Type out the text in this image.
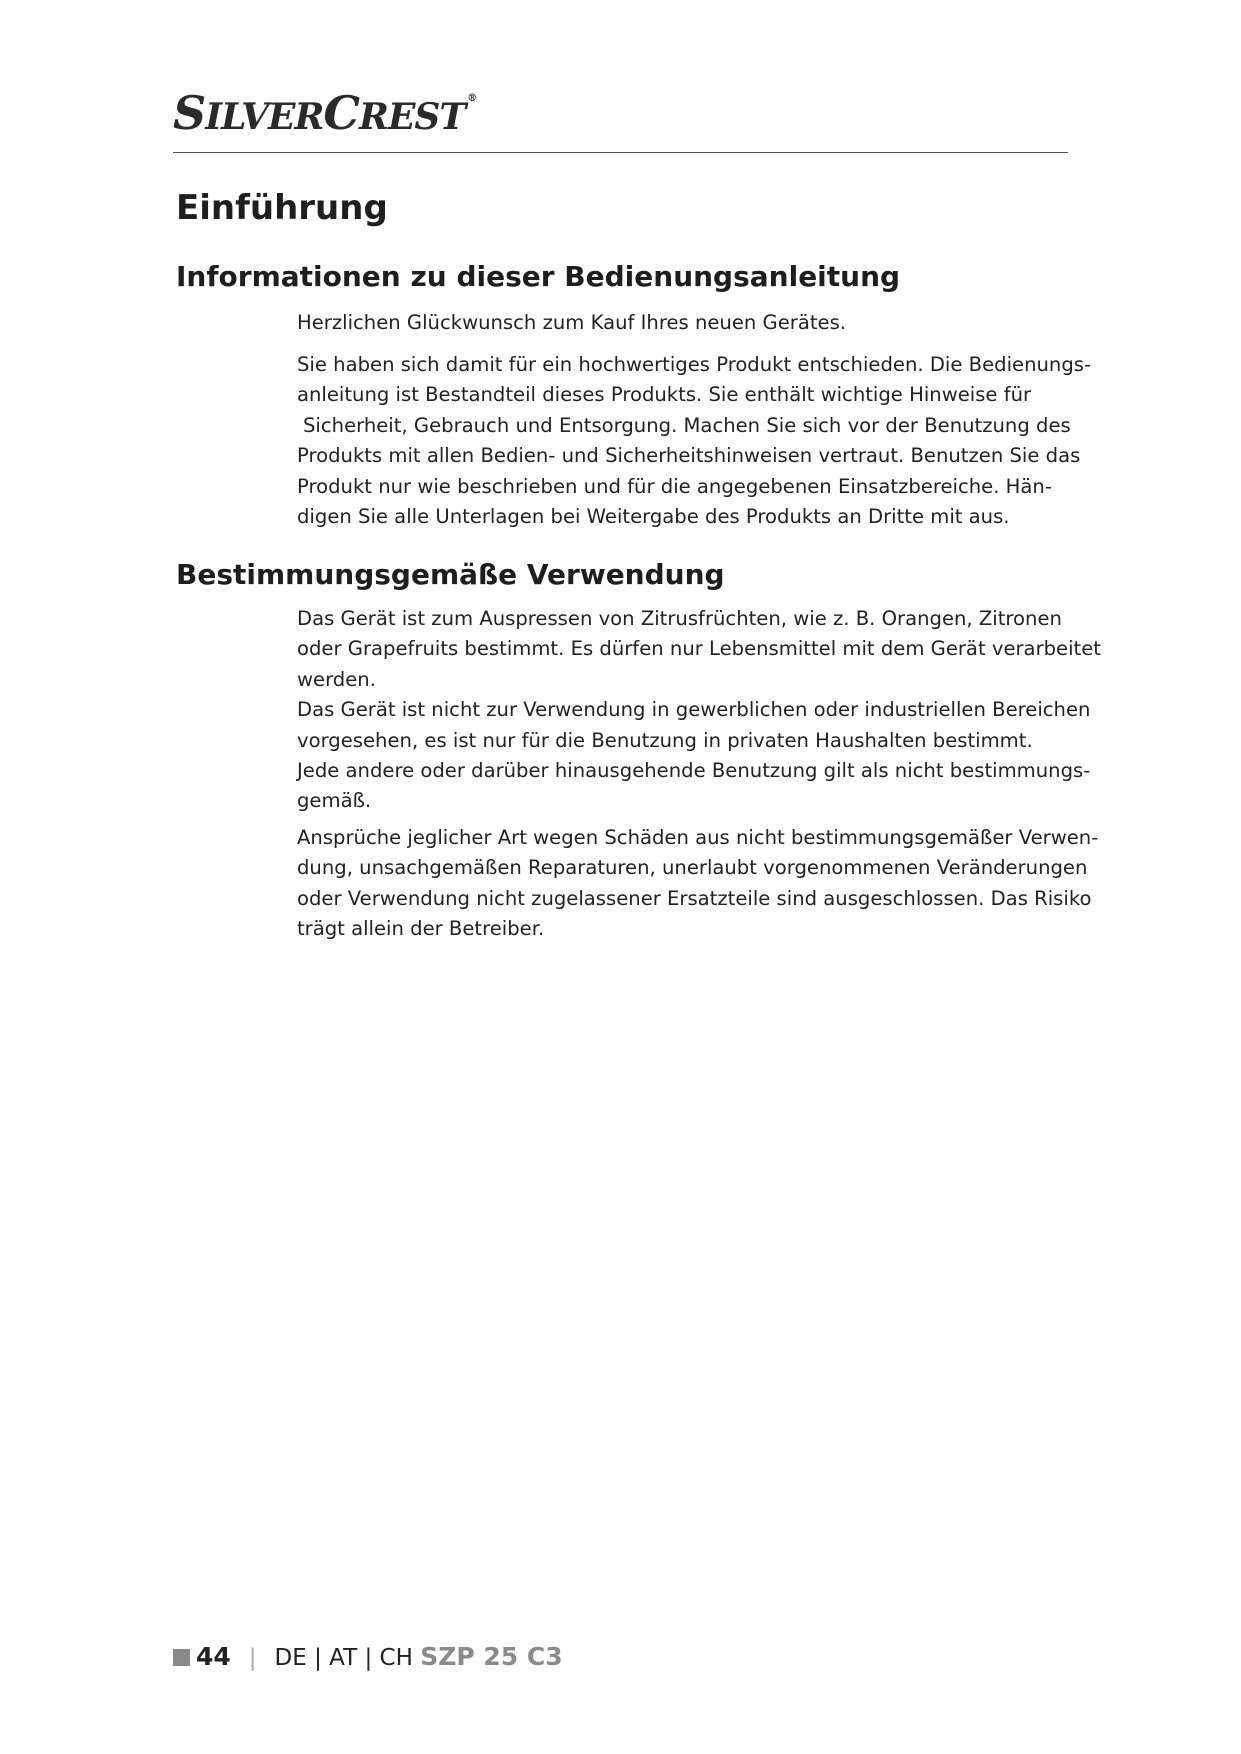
SILVERCREST ®
Einführung
Informationen zu dieser Bedienungsanleitung

Herzlichen Glückwunsch zum Kauf Ihres neuen Gerätes.

Sie haben sich damit für ein hochwertiges Produkt entschieden. Die Bedienungs-
anleitung ist Bestandteil dieses Produkts. Sie enthält wichtige Hinweise für
Sicherheit, Gebrauch und Entsorgung. Machen Sie sich vor der Benutzung des
Produkts mit allen Bedien- und Sicherheitshinweisen vertraut. Benutzen Sie das
Produkt nur wie beschrieben und für die angegebenen Einsatzbereiche. Hän-
digen Sie alle Unterlagen bei Weitergabe des Produkts an Dritte mit aus.
Bestimmungsgemäße Verwendung
Das Gerät ist zum Auspressen von Zitrusfrüchten, wie z. B. Orangen, Zitronen
oder Grapefruits bestimmt. Es dürfen nur Lebensmittel mit dem Gerät verarbeitet
werden.
Das Gerät ist nicht zur Verwendung in gewerblichen oder industriellen Bereichen
vorgesehen, es ist nur für die Benutzung in privaten Haushalten bestimmt.
Jede andere oder darüber hinausgehende Benutzung gilt als nicht bestimmungs-
gemäß.
Ansprüche jeglicher Art wegen Schäden aus nicht bestimmungsgemäßer Verwen-
dung, unsachgemäßen Reparaturen, unerlaubt vorgenommenen Veränderungen
oder Verwendung nicht zugelassener Ersatzteile sind ausgeschlossen. Das Risiko
trägt allein der Betreiber.
44 | DE | AT | CH SZP 25 C3
